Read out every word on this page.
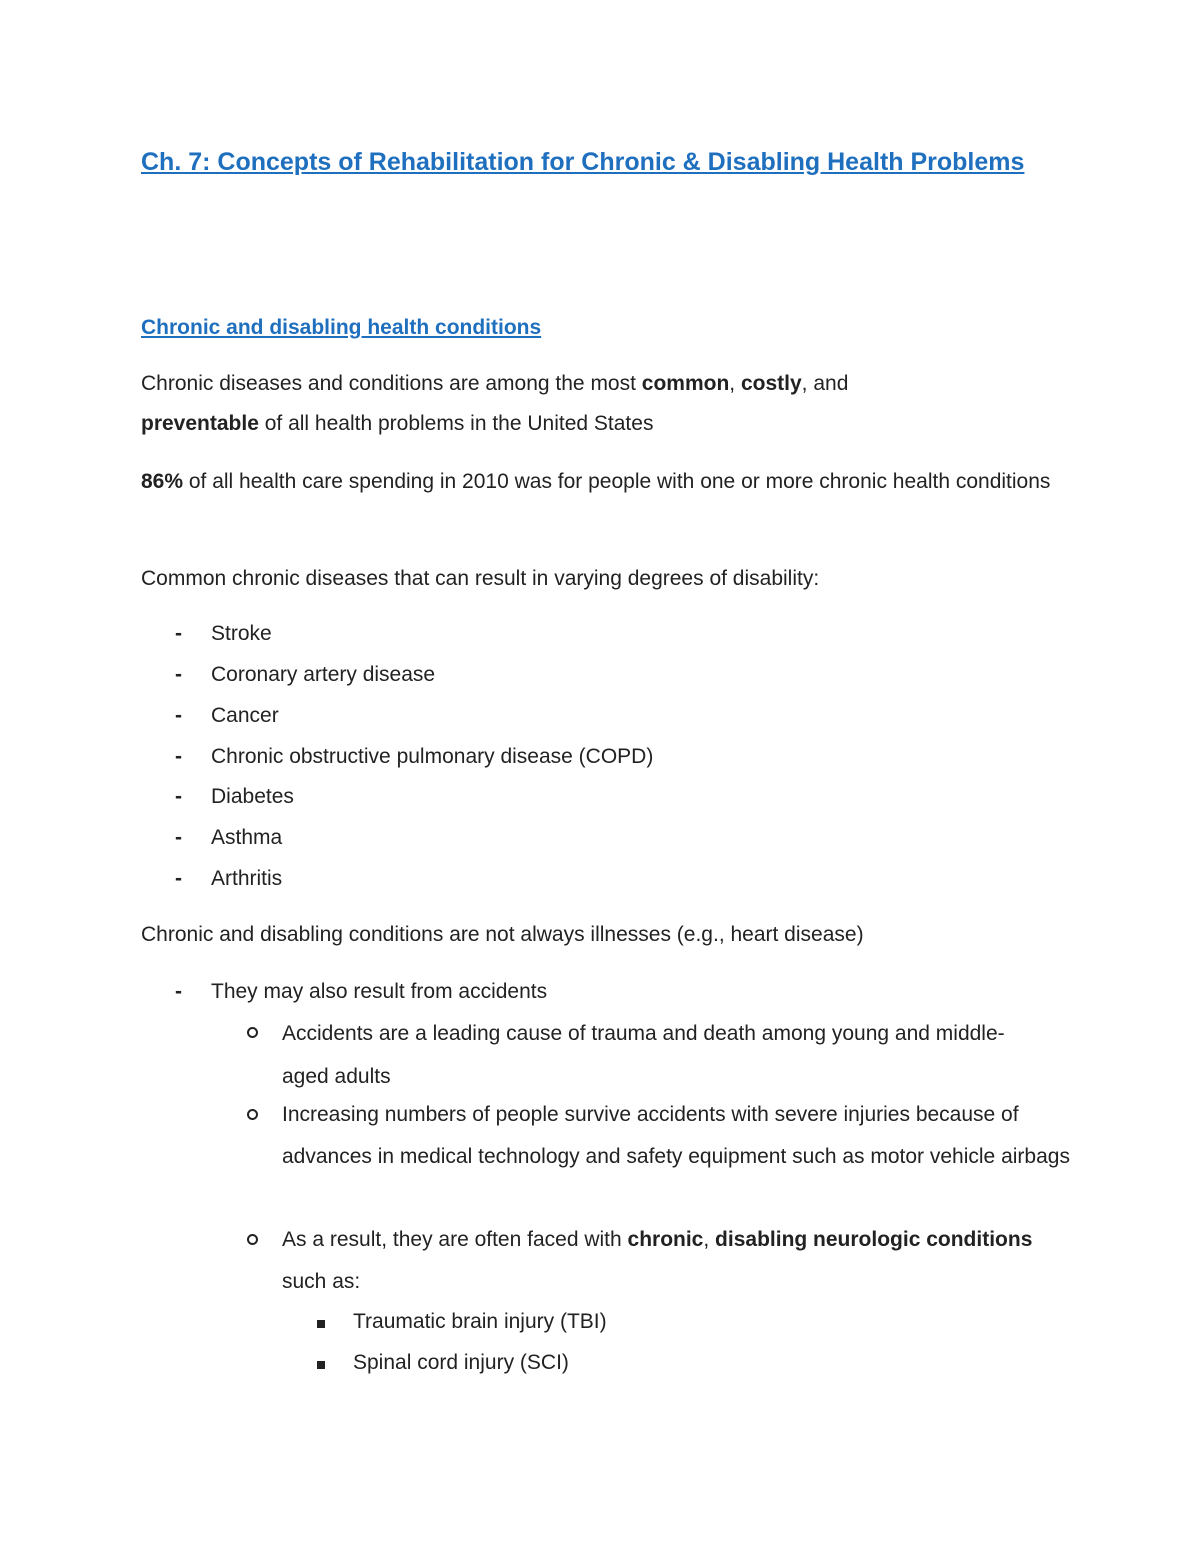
Ch. 7: Concepts of Rehabilitation for Chronic & Disabling Health Problems
Chronic and disabling health conditions

Chronic diseases and conditions are among the most common, costly, and
preventable of all health problems in the United States

86% of all health care spending in 2010 was for people with one or more chronic health conditions

Common chronic diseases that can result in varying degrees of disability:

- Stroke

- Coronary artery disease

- Cancer

- Chronic obstructive pulmonary disease (COPD)

- Diabetes

- Asthma

- Arthritis

Chronic and disabling conditions are not always illnesses (e.g., heart disease)

- They may also result from accidents

Accidents are a leading cause of trauma and death among young and middle-aged adults

Increasing numbers of people survive accidents with severe injuries because of advances in medical technology and safety equipment such as motor vehicle airbags

As a result, they are often faced with chronic, disabling neurologic conditions such as:

Traumatic brain injury (TBI)

Spinal cord injury (SCI)
